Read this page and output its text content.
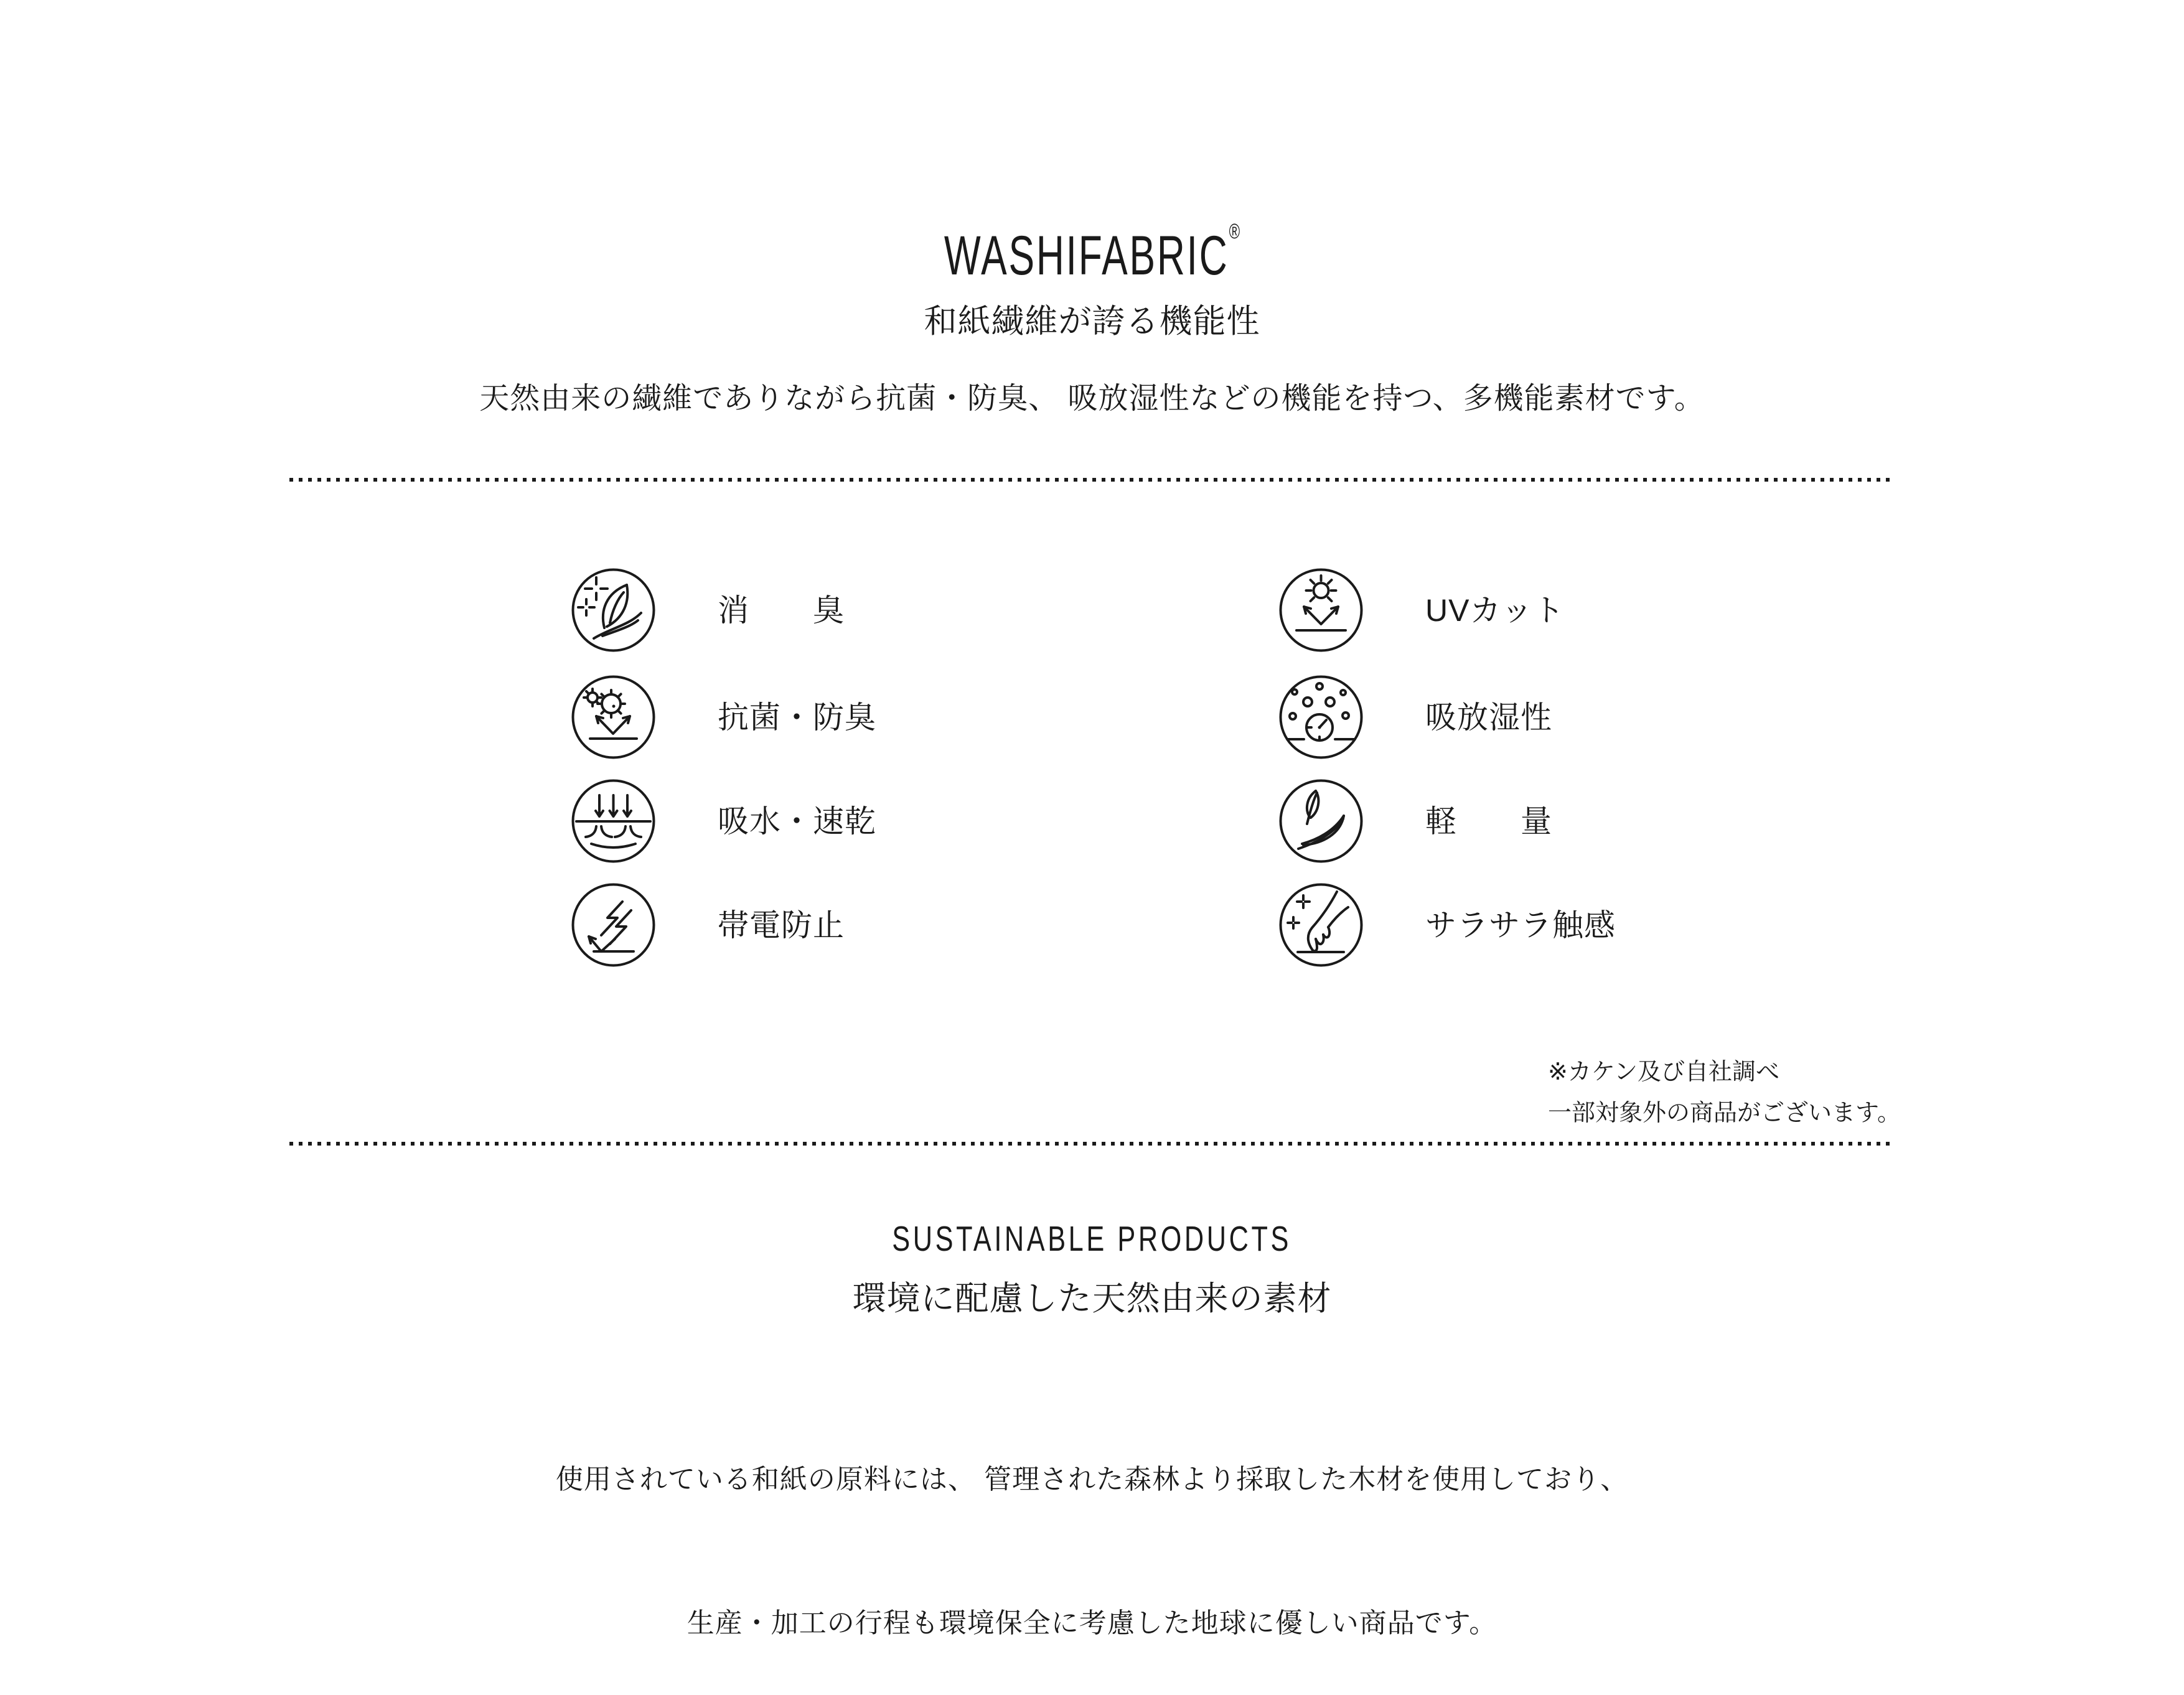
WASHIFABRIC®
和紙繊維が誇る機能性
天然由来の繊維でありながら抗菌・防臭、 吸放湿性などの機能を持つ、多機能素材です。
消　　臭
抗菌・防臭
吸水・速乾
帯電防止
UVカット
吸放湿性
軽　　量
サラサラ触感
※カケン及び自社調べ
一部対象外の商品がございます。
SUSTAINABLE PRODUCTS
環境に配慮した天然由来の素材

使用されている和紙の原料には、 管理された森林より採取した木材を使用しており、

生産・加工の行程も環境保全に考慮した地球に優しい商品です。
